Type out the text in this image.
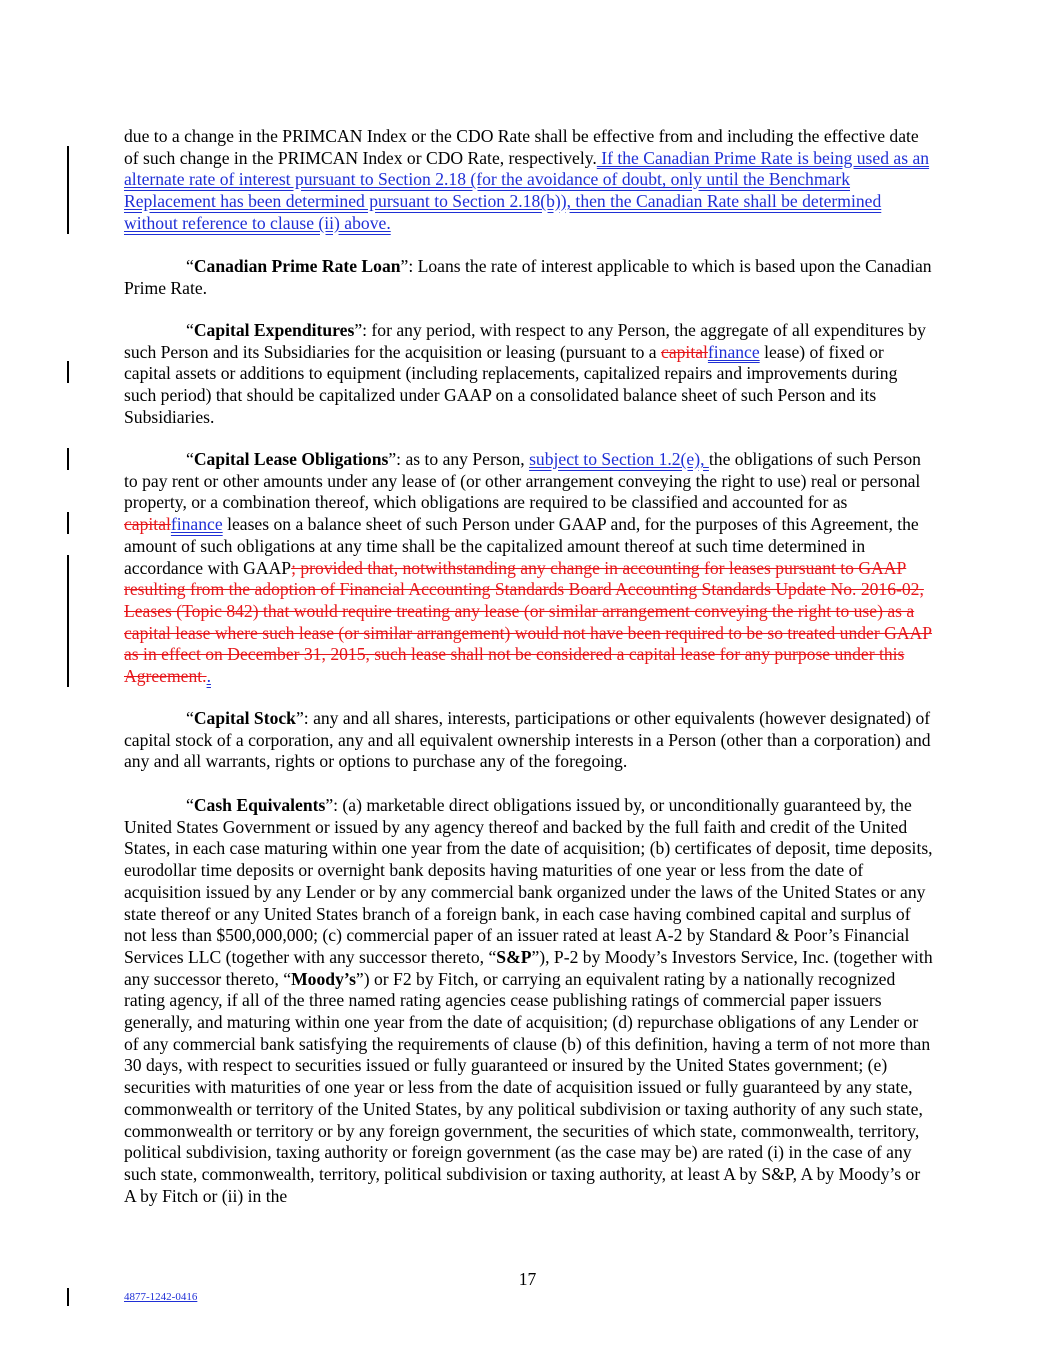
due to a change in the PRIMCAN Index or the CDO Rate shall be effective from and including the effective date of such change in the PRIMCAN Index or CDO Rate, respectively. If the Canadian Prime Rate is being used as an alternate rate of interest pursuant to Section 2.18 (for the avoidance of doubt, only until the Benchmark Replacement has been determined pursuant to Section 2.18(b)), then the Canadian Rate shall be determined without reference to clause (ii) above.

“Canadian Prime Rate Loan”: Loans the rate of interest applicable to which is based upon the Canadian Prime Rate.

“Capital Expenditures”: for any period, with respect to any Person, the aggregate of all expenditures by such Person and its Subsidiaries for the acquisition or leasing (pursuant to a capitalfinance lease) of fixed or capital assets or additions to equipment (including replacements, capitalized repairs and improvements during such period) that should be capitalized under GAAP on a consolidated balance sheet of such Person and its Subsidiaries.

“Capital Lease Obligations”: as to any Person, subject to Section 1.2(e), the obligations of such Person to pay rent or other amounts under any lease of (or other arrangement conveying the right to use) real or personal property, or a combination thereof, which obligations are required to be classified and accounted for as capitalfinance leases on a balance sheet of such Person under GAAP and, for the purposes of this Agreement, the amount of such obligations at any time shall be the capitalized amount thereof at such time determined in accordance with GAAP; provided that, notwithstanding any change in accounting for leases pursuant to GAAP resulting from the adoption of Financial Accounting Standards Board Accounting Standards Update No. 2016-02, Leases (Topic 842) that would require treating any lease (or similar arrangement conveying the right to use) as a capital lease where such lease (or similar arrangement) would not have been required to be so treated under GAAP as in effect on December 31, 2015, such lease shall not be considered a capital lease for any purpose under this Agreement..

“Capital Stock”: any and all shares, interests, participations or other equivalents (however designated) of capital stock of a corporation, any and all equivalent ownership interests in a Person (other than a corporation) and any and all warrants, rights or options to purchase any of the foregoing.

“Cash Equivalents”: (a) marketable direct obligations issued by, or unconditionally guaranteed by, the United States Government or issued by any agency thereof and backed by the full faith and credit of the United States, in each case maturing within one year from the date of acquisition; (b) certificates of deposit, time deposits, eurodollar time deposits or overnight bank deposits having maturities of one year or less from the date of acquisition issued by any Lender or by any commercial bank organized under the laws of the United States or any state thereof or any United States branch of a foreign bank, in each case having combined capital and surplus of not less than $500,000,000; (c) commercial paper of an issuer rated at least A-2 by Standard & Poor’s Financial Services LLC (together with any successor thereto, “S&P”), P-2 by Moody’s Investors Service, Inc. (together with any successor thereto, “Moody’s”) or F2 by Fitch, or carrying an equivalent rating by a nationally recognized rating agency, if all of the three named rating agencies cease publishing ratings of commercial paper issuers generally, and maturing within one year from the date of acquisition; (d) repurchase obligations of any Lender or of any commercial bank satisfying the requirements of clause (b) of this definition, having a term of not more than 30 days, with respect to securities issued or fully guaranteed or insured by the United States government; (e) securities with maturities of one year or less from the date of acquisition issued or fully guaranteed by any state, commonwealth or territory of the United States, by any political subdivision or taxing authority of any such state, commonwealth or territory or by any foreign government, the securities of which state, commonwealth, territory, political subdivision, taxing authority or foreign government (as the case may be) are rated (i) in the case of any such state, commonwealth, territory, political subdivision or taxing authority, at least A by S&P, A by Moody’s or A by Fitch or (ii) in the

17
4877-1242-0416
